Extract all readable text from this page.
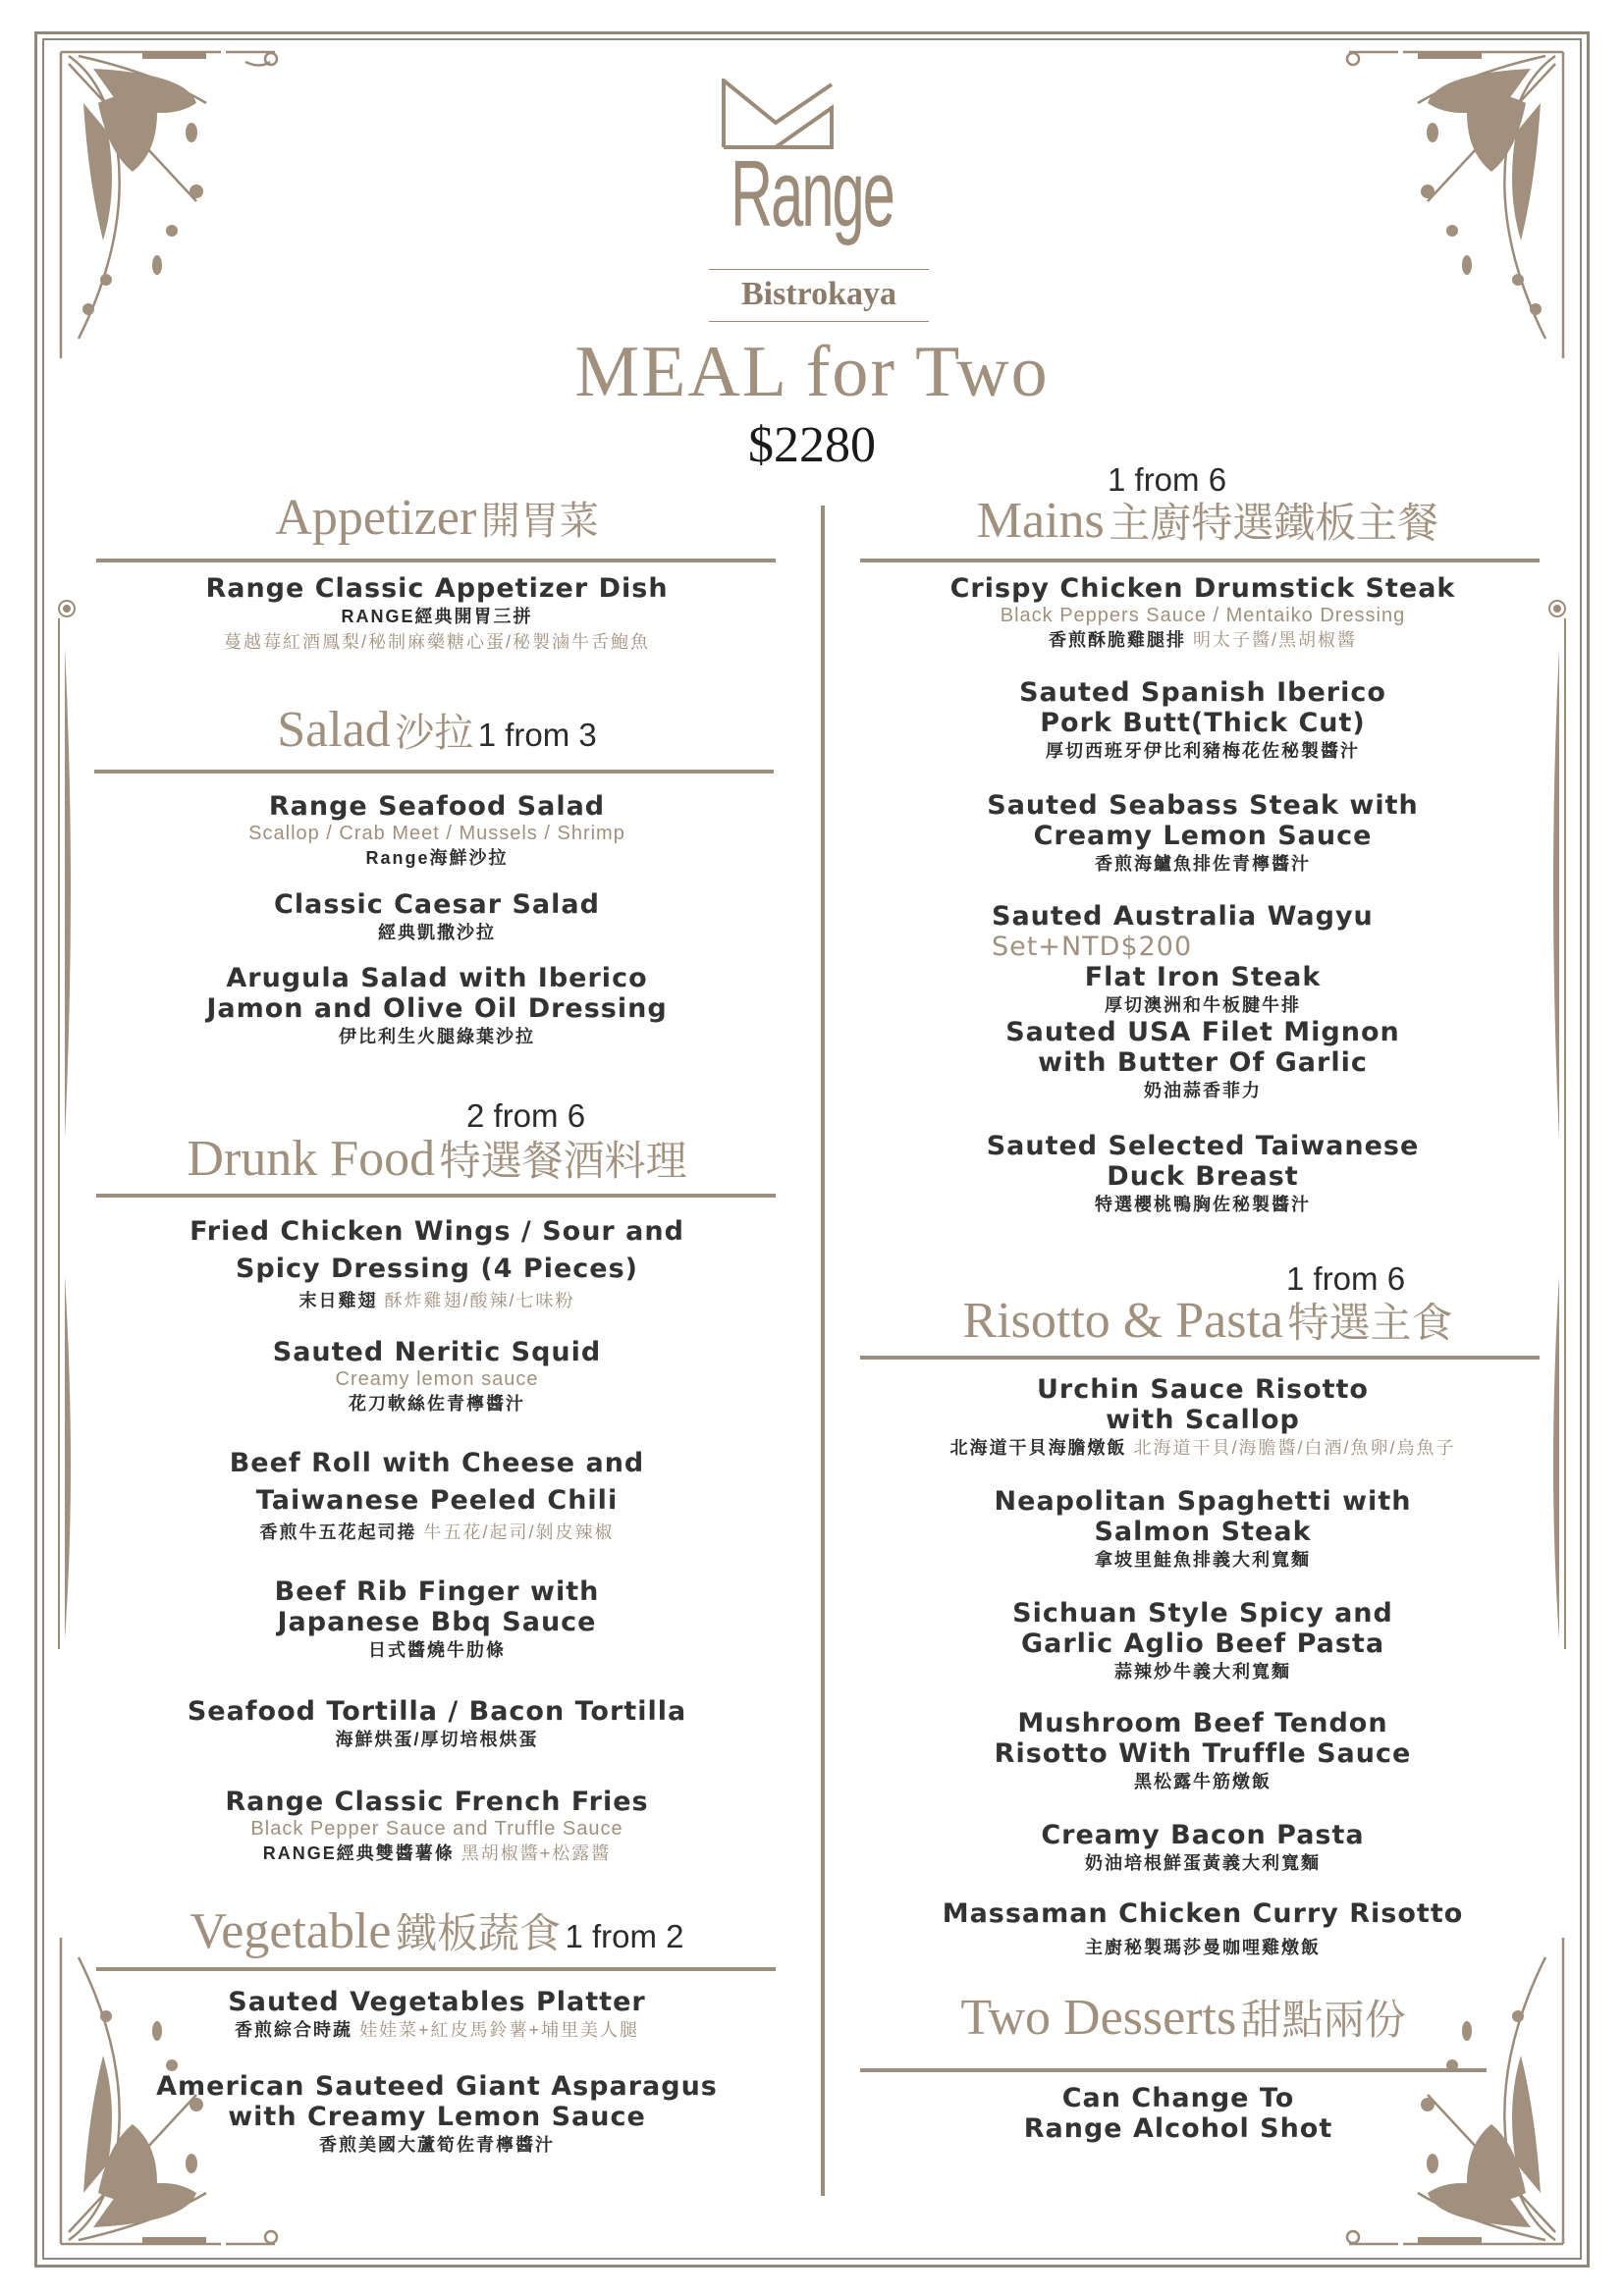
Range
Bistrokaya
MEAL for Two
$2280
Appetizer 開胃菜
Range Classic Appetizer Dish
RANGE經典開胃三拼
蔓越莓紅酒鳳梨/秘制麻藥糖心蛋/秘製滷牛舌鮑魚
Salad 沙拉 1 from 3
Range Seafood Salad
Scallop / Crab Meet / Mussels / Shrimp
Range海鮮沙拉
Classic Caesar Salad
經典凱撒沙拉
Arugula Salad with Iberico
Jamon and Olive Oil Dressing
伊比利生火腿綠葉沙拉
2 from 6
Drunk Food 特選餐酒料理
Fried Chicken Wings / Sour and
Spicy Dressing (4 Pieces)
末日雞翅 酥炸雞翅/酸辣/七味粉
Sauted Neritic Squid
Creamy lemon sauce
花刀軟絲佐青檸醬汁
Beef Roll with Cheese and
Taiwanese Peeled Chili
香煎牛五花起司捲 牛五花/起司/剝皮辣椒
Beef Rib Finger with
Japanese Bbq Sauce
日式醬燒牛肋條
Seafood Tortilla / Bacon Tortilla
海鮮烘蛋/厚切培根烘蛋
Range Classic French Fries
Black Pepper Sauce and Truffle Sauce
RANGE經典雙醬薯條 黑胡椒醬+松露醬
Vegetable 鐵板蔬食 1 from 2
Sauted Vegetables Platter
香煎綜合時蔬 娃娃菜+紅皮馬鈴薯+埔里美人腿
American Sauteed Giant Asparagus
with Creamy Lemon Sauce
香煎美國大蘆筍佐青檸醬汁
1 from 6
Mains 主廚特選鐵板主餐
Crispy Chicken Drumstick Steak
Black Peppers Sauce / Mentaiko Dressing
香煎酥脆雞腿排 明太子醬/黑胡椒醬
Sauted Spanish Iberico
Pork Butt(Thick Cut)
厚切西班牙伊比利豬梅花佐秘製醬汁
Sauted Seabass Steak with
Creamy Lemon Sauce
香煎海鱸魚排佐青檸醬汁
Sauted Australia Wagyu Set+NTD$200
Flat Iron Steak
厚切澳洲和牛板腱牛排
Sauted USA Filet Mignon
with Butter Of Garlic
奶油蒜香菲力
Sauted Selected Taiwanese
Duck Breast
特選櫻桃鴨胸佐秘製醬汁
1 from 6
Risotto & Pasta 特選主食
Urchin Sauce Risotto
with Scallop
北海道干貝海膽燉飯 北海道干貝/海膽醬/白酒/魚卵/烏魚子
Neapolitan Spaghetti with
Salmon Steak
拿坡里鮭魚排義大利寬麵
Sichuan Style Spicy and
Garlic Aglio Beef Pasta
蒜辣炒牛義大利寬麵
Mushroom Beef Tendon
Risotto With Truffle Sauce
黑松露牛筋燉飯
Creamy Bacon Pasta
奶油培根鮮蛋黃義大利寬麵
Massaman Chicken Curry Risotto
主廚秘製瑪莎曼咖哩雞燉飯
Two Desserts 甜點兩份
Can Change To
Range Alcohol Shot
